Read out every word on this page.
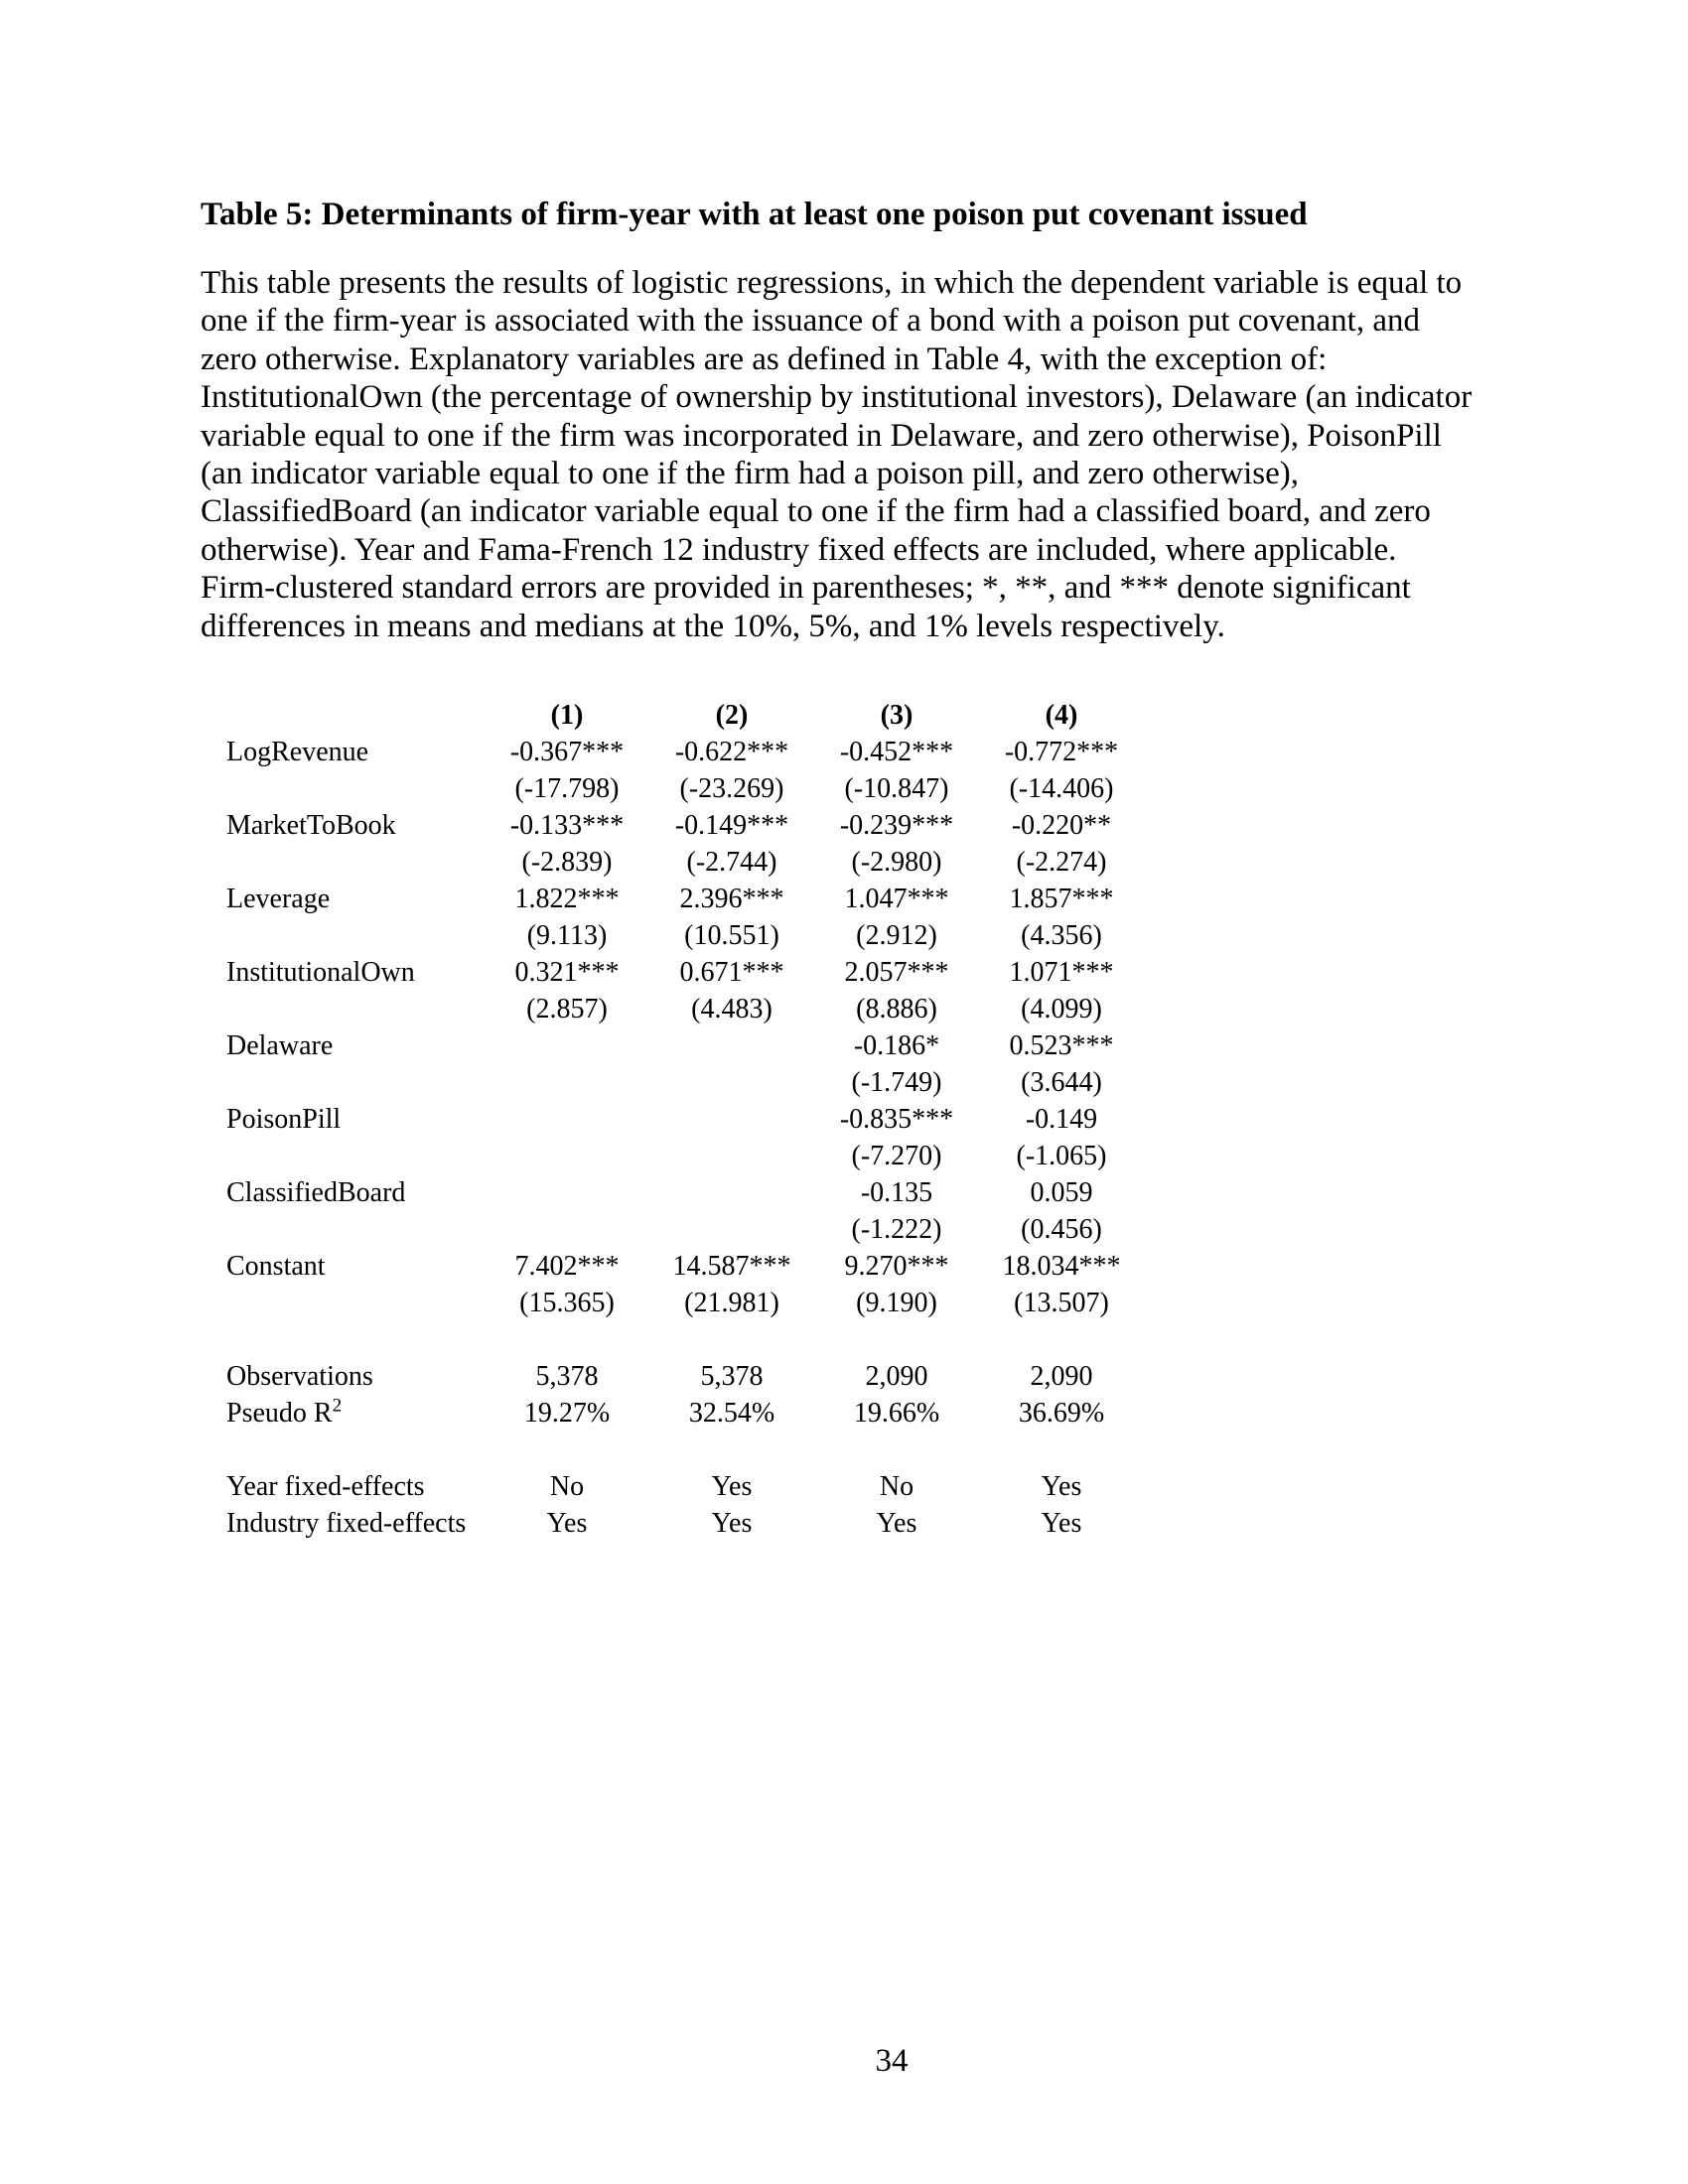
Table 5: Determinants of firm-year with at least one poison put covenant issued
This table presents the results of logistic regressions, in which the dependent variable is equal to
one if the firm-year is associated with the issuance of a bond with a poison put covenant, and
zero otherwise. Explanatory variables are as defined in Table 4, with the exception of:
InstitutionalOwn (the percentage of ownership by institutional investors), Delaware (an indicator
variable equal to one if the firm was incorporated in Delaware, and zero otherwise), PoisonPill
(an indicator variable equal to one if the firm had a poison pill, and zero otherwise),
ClassifiedBoard (an indicator variable equal to one if the firm had a classified board, and zero
otherwise). Year and Fama-French 12 industry fixed effects are included, where applicable.
Firm-clustered standard errors are provided in parentheses; *, **, and *** denote significant
differences in means and medians at the 10%, 5%, and 1% levels respectively.
	(1)	(2)	(3)	(4)
LogRevenue	-0.367***	-0.622***	-0.452***	-0.772***
	(-17.798)	(-23.269)	(-10.847)	(-14.406)
MarketToBook	-0.133***	-0.149***	-0.239***	-0.220**
	(-2.839)	(-2.744)	(-2.980)	(-2.274)
Leverage	1.822***	2.396***	1.047***	1.857***
	(9.113)	(10.551)	(2.912)	(4.356)
InstitutionalOwn	0.321***	0.671***	2.057***	1.071***
	(2.857)	(4.483)	(8.886)	(4.099)
Delaware			-0.186*	0.523***
			(-1.749)	(3.644)
PoisonPill			-0.835***	-0.149
			(-7.270)	(-1.065)
ClassifiedBoard			-0.135	0.059
			(-1.222)	(0.456)
Constant	7.402***	14.587***	9.270***	18.034***
	(15.365)	(21.981)	(9.190)	(13.507)

Observations	5,378	5,378	2,090	2,090
Pseudo $R^2$	19.27%	32.54%	19.66%	36.69%

Year fixed-effects	No	Yes	No	Yes
Industry fixed-effects	Yes	Yes	Yes	Yes
34
